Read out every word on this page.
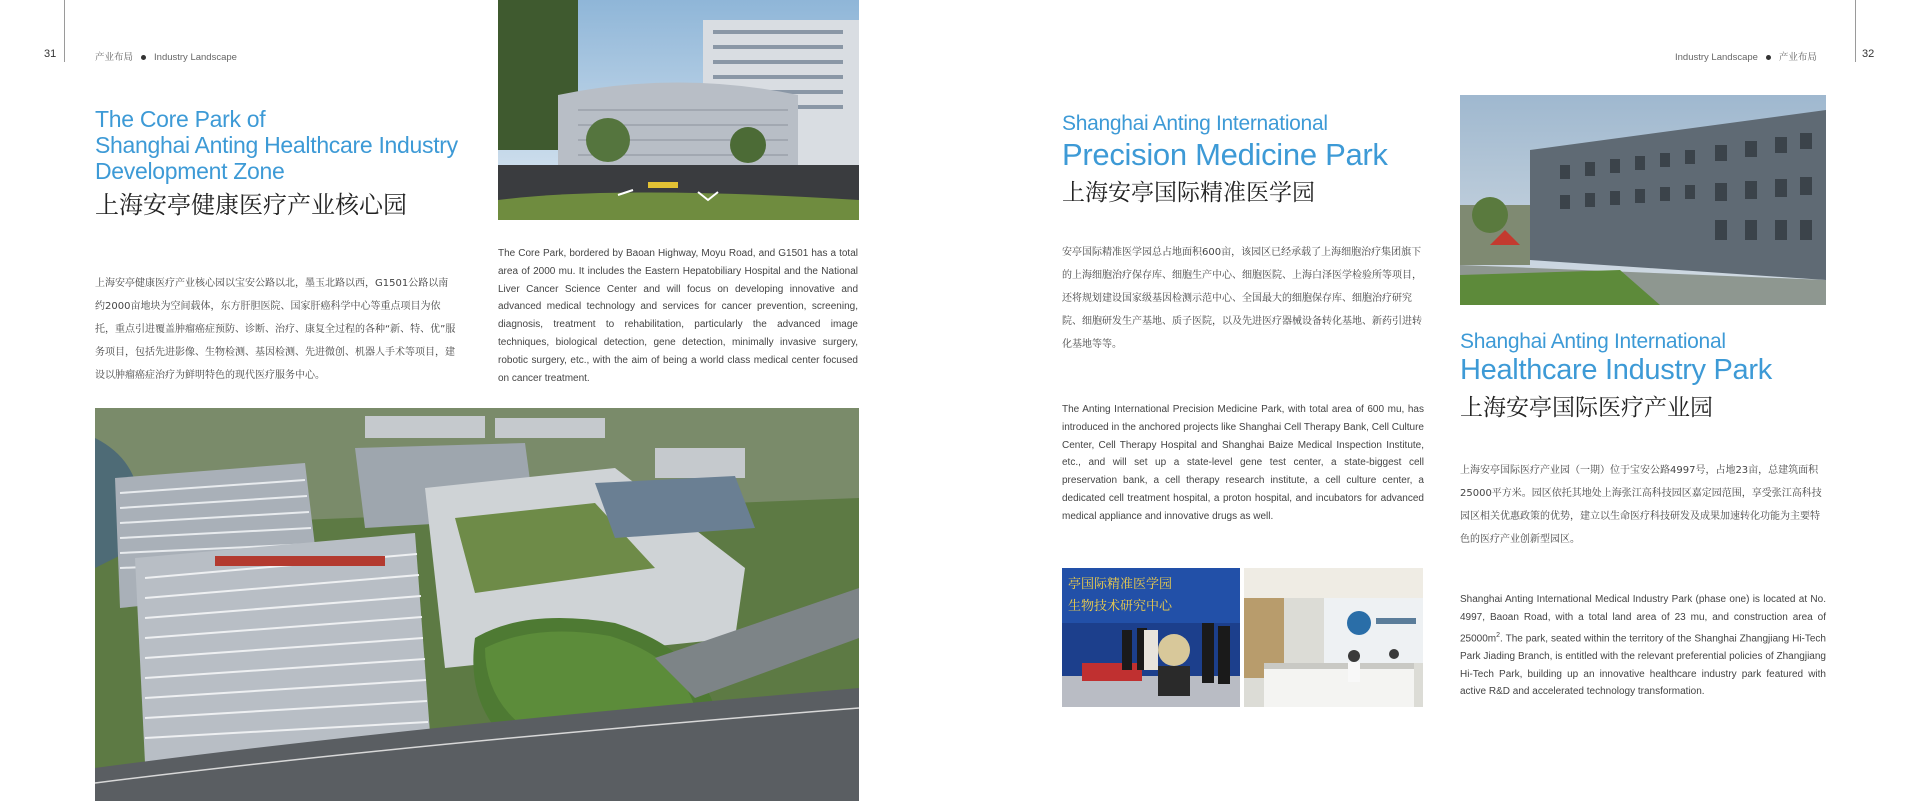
31	产业布局 Industry Landscape
The Core Park of
Shanghai Anting Healthcare Industry
Development Zone
上海安亭健康医疗产业核心园
上海安亭健康医疗产业核心园以宝安公路以北，墨玉北路以西，G1501公路以南约2000亩地块为空间载体，东方肝胆医院、国家肝癌科学中心等重点项目为依托，重点引进覆盖肿瘤癌症预防、诊断、治疗、康复全过程的各种“新、特、优”服务项目，包括先进影像、生物检测、基因检测、先进微创、机器人手术等项目，建设以肿瘤癌症治疗为鲜明特色的现代医疗服务中心。
The Core Park, bordered by Baoan Highway, Moyu Road, and G1501 has a total area of 2000 mu. It includes the Eastern Hepatobiliary Hospital and the National Liver Cancer Science Center and will focus on developing innovative and advanced medical technology and services for cancer prevention, screening, diagnosis, treatment to rehabilitation, particularly the advanced image techniques, biological detection, gene detection, minimally invasive surgery, robotic surgery, etc., with the aim of being a world class medical center focused on cancer treatment.
Industry Landscape 产业布局	32
Shanghai Anting International
Precision Medicine Park
上海安亭国际精准医学园
安亭国际精准医学园总占地面积600亩，该园区已经承载了上海细胞治疗集团旗下的上海细胞治疗保存库、细胞生产中心、细胞医院、上海白泽医学检验所等项目，还将规划建设国家级基因检测示范中心、全国最大的细胞保存库、细胞治疗研究院、细胞研发生产基地、质子医院，以及先进医疗器械设备转化基地、新药引进转化基地等等。
The Anting International Precision Medicine Park, with total area of 600 mu, has introduced in the anchored projects like Shanghai Cell Therapy Bank, Cell Culture Center, Cell Therapy Hospital and Shanghai Baize Medical Inspection Institute, etc., and will set up a state-level gene test center, a state-biggest cell preservation bank, a cell therapy research institute, a cell culture center, a dedicated cell treatment hospital, a proton hospital, and incubators for advanced medical appliance and innovative drugs as well.
亭国际精准医学园
生物技术研究中心
Shanghai Anting International
Healthcare Industry Park
上海安亭国际医疗产业园
上海安亭国际医疗产业园（一期）位于宝安公路4997号，占地23亩，总建筑面积25000平方米。园区依托其地处上海张江高科技园区嘉定园范围，享受张江高科技园区相关优惠政策的优势，建立以生命医疗科技研发及成果加速转化功能为主要特色的医疗产业创新型园区。
Shanghai Anting International Medical Industry Park (phase one) is located at No. 4997, Baoan Road, with a total land area of 23 mu, and construction area of $25000m^2$. The park, seated within the territory of the Shanghai Zhangjiang Hi-Tech Park Jiading Branch, is entitled with the relevant preferential policies of Zhangjiang Hi-Tech Park, building up an innovative healthcare industry park featured with active R&D and accelerated technology transformation.
